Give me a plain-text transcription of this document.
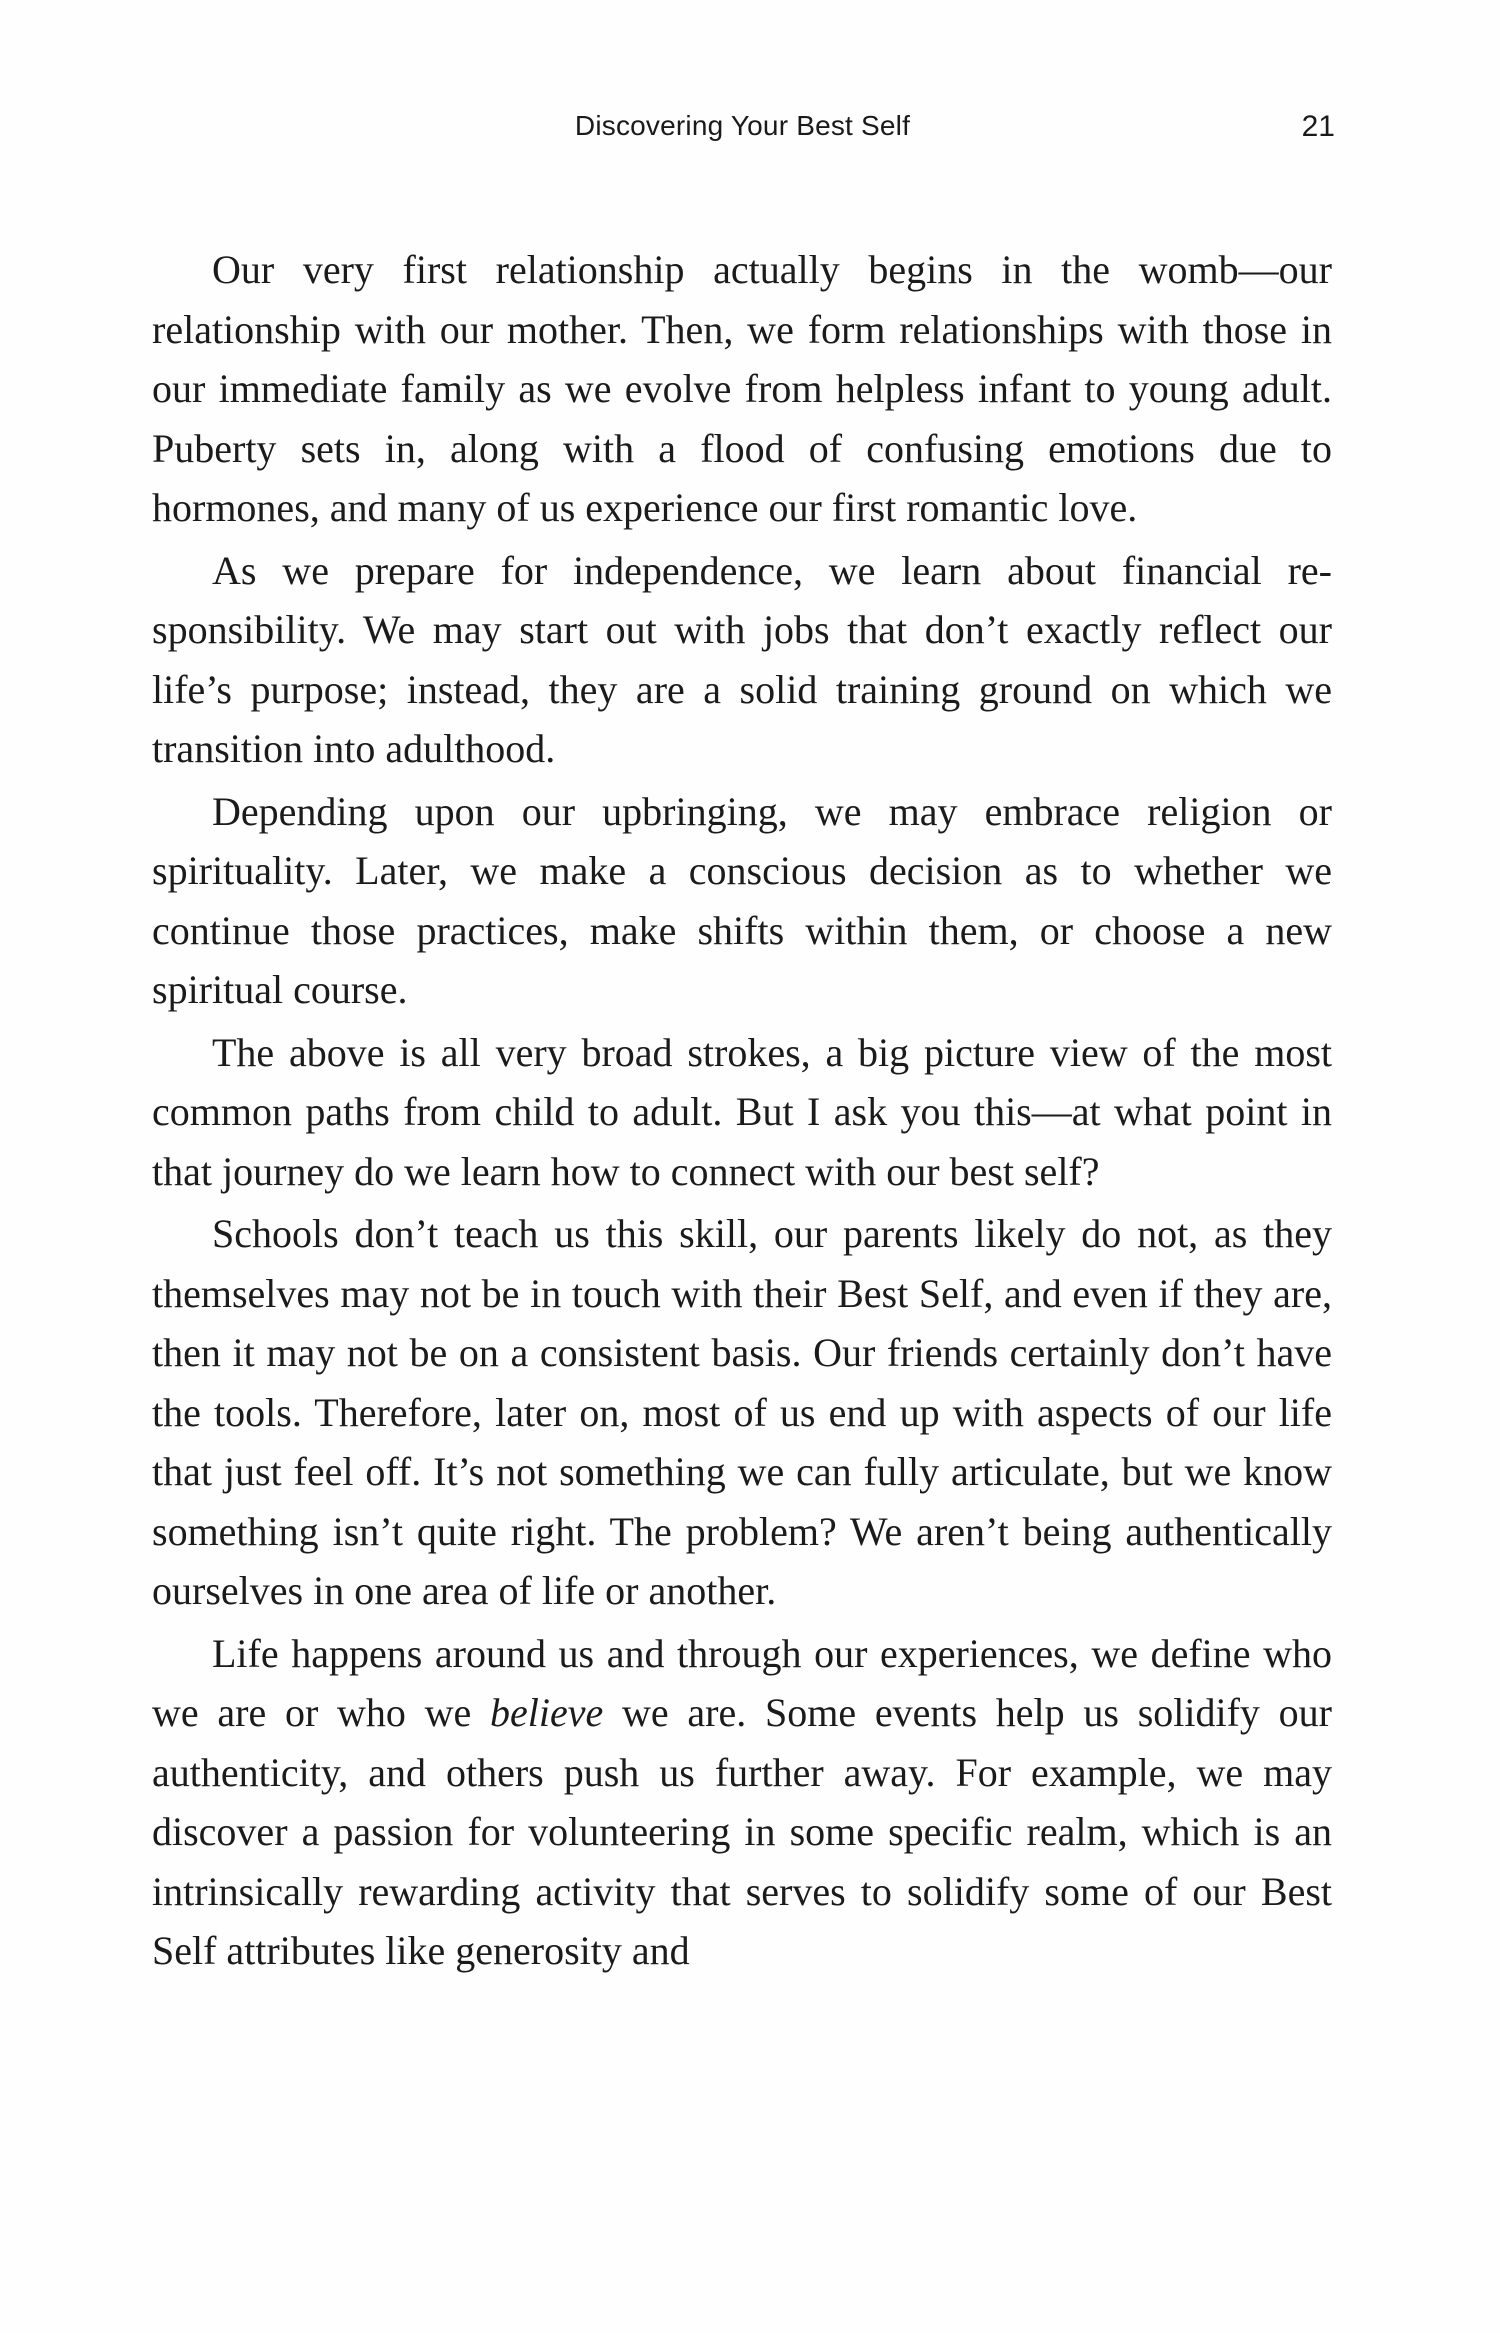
Discovering Your Best Self	21

Our very first relationship actually begins in the womb—our relationship with our mother. Then, we form relationships with those in our immediate family as we evolve from helpless infant to young adult. Puberty sets in, along with a flood of confusing emotions due to hormones, and many of us experience our first romantic love.

As we prepare for independence, we learn about financial responsibility. We may start out with jobs that don’t exactly reflect our life’s purpose; instead, they are a solid training ground on which we transition into adulthood.

Depending upon our upbringing, we may embrace religion or spirituality. Later, we make a conscious decision as to whether we continue those practices, make shifts within them, or choose a new spiritual course.

The above is all very broad strokes, a big picture view of the most common paths from child to adult. But I ask you this—at what point in that journey do we learn how to connect with our best self?

Schools don’t teach us this skill, our parents likely do not, as they themselves may not be in touch with their Best Self, and even if they are, then it may not be on a consistent basis. Our friends certainly don’t have the tools. Therefore, later on, most of us end up with aspects of our life that just feel off. It’s not something we can fully articulate, but we know something isn’t quite right. The problem? We aren’t being authentically ourselves in one area of life or another.

Life happens around us and through our experiences, we define who we are or who we believe we are. Some events help us solidify our authenticity, and others push us further away. For example, we may discover a passion for volunteering in some specific realm, which is an intrinsically rewarding activity that serves to solidify some of our Best Self attributes like generosity and
